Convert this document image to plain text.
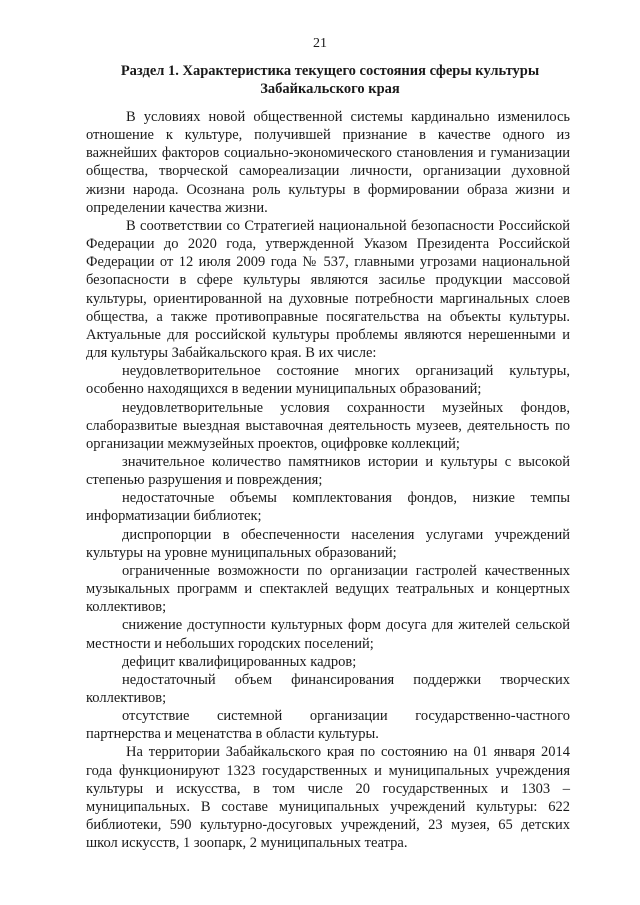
21
Раздел 1. Характеристика текущего состояния сферы культуры Забайкальского края

В условиях новой общественной системы кардинально изменилось отношение к культуре, получившей признание в качестве одного из важнейших факторов социально-экономического становления и гуманизации общества, творческой самореализации личности, организации духовной жизни народа. Осознана роль культуры в формировании образа жизни и определении качества жизни.

В соответствии со Стратегией национальной безопасности Российской Федерации до 2020 года, утвержденной Указом Президента Российской Федерации от 12 июля 2009 года № 537, главными угрозами национальной безопасности в сфере культуры являются засилье продукции массовой культуры, ориентированной на духовные потребности маргинальных слоев общества, а также противоправные посягательства на объекты культуры. Актуальные для российской культуры проблемы являются нерешенными и для культуры Забайкальского края. В их числе:

неудовлетворительное состояние многих организаций культуры, особенно находящихся в ведении муниципальных образований;

неудовлетворительные условия сохранности музейных фондов, слаборазвитые выездная выставочная деятельность музеев, деятельность по организации межмузейных проектов, оцифровке коллекций;

значительное количество памятников истории и культуры с высокой степенью разрушения и повреждения;

недостаточные объемы комплектования фондов, низкие темпы информатизации библиотек;

диспропорции в обеспеченности населения услугами учреждений культуры на уровне муниципальных образований;

ограниченные возможности по организации гастролей качественных музыкальных программ и спектаклей ведущих театральных и концертных коллективов;

снижение доступности культурных форм досуга для жителей сельской местности и небольших городских поселений;

дефицит квалифицированных кадров;

недостаточный объем финансирования поддержки творческих коллективов;

отсутствие системной организации государственно-частного партнерства и меценатства в области культуры.

На территории Забайкальского края по состоянию на 01 января 2014 года функционируют 1323 государственных и муниципальных учреждения культуры и искусства, в том числе 20 государственных и 1303 – муниципальных. В составе муниципальных учреждений культуры: 622 библиотеки, 590 культурно-досуговых учреждений, 23 музея, 65 детских школ искусств, 1 зоопарк, 2 муниципальных театра.
